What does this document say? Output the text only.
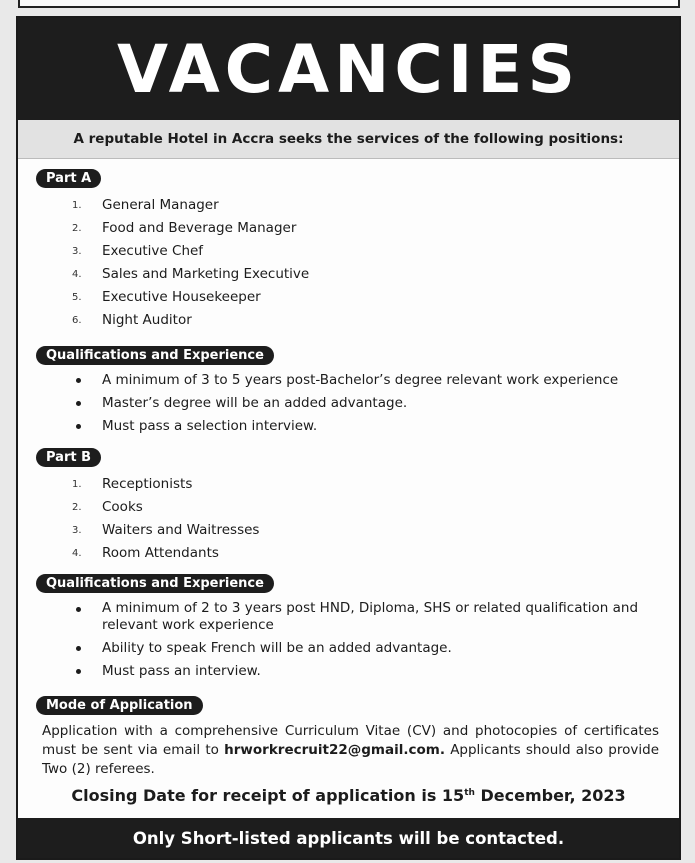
VACANCIES
A reputable Hotel in Accra seeks the services of the following positions:
Part A
1. General Manager
2. Food and Beverage Manager
3. Executive Chef
4. Sales and Marketing Executive
5. Executive Housekeeper
6. Night Auditor
Qualifications and Experience
A minimum of 3 to 5 years post-Bachelor’s degree relevant work experience
Master’s degree will be an added advantage.
Must pass a selection interview.
Part B
1. Receptionists
2. Cooks
3. Waiters and Waitresses
4. Room Attendants
Qualifications and Experience
A minimum of 2 to 3 years post HND, Diploma, SHS or related qualification and relevant work experience
Ability to speak French will be an added advantage.
Must pass an interview.
Mode of Application
Application with a comprehensive Curriculum Vitae (CV) and photocopies of certificates must be sent via email to hrworkrecruit22@gmail.com. Applicants should also provide Two (2) referees.
Closing Date for receipt of application is 15th December, 2023
Only Short-listed applicants will be contacted.
